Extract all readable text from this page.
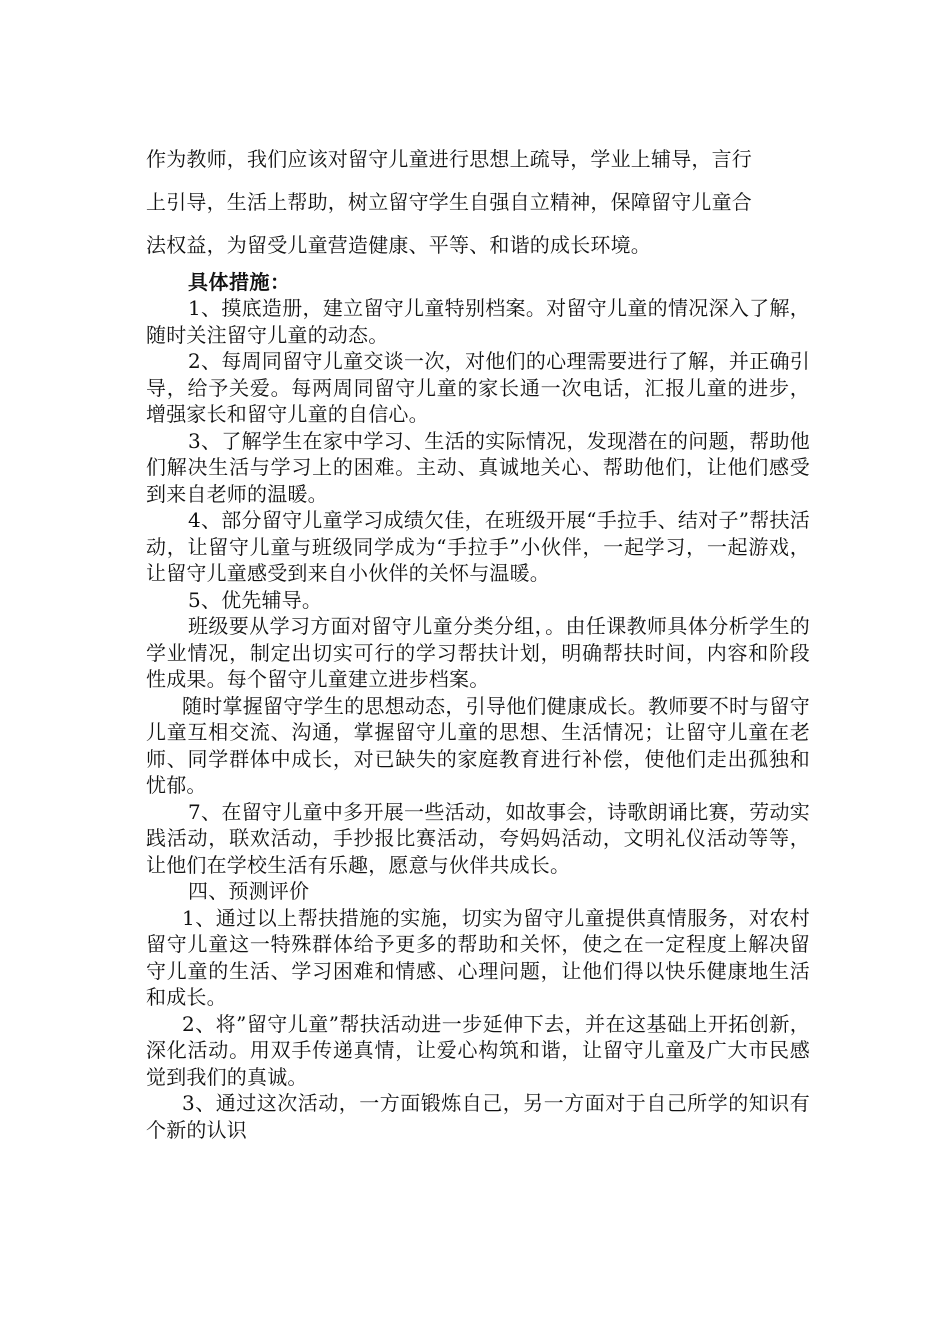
作为教师，我们应该对留守儿童进行思想上疏导，学业上辅导，言行

上引导，生活上帮助，树立留守学生自强自立精神，保障留守儿童合

法权益，为留受儿童营造健康、平等、和谐的成长环境。

具体措施：

1、摸底造册，建立留守儿童特别档案。对留守儿童的情况深入了解，随时关注留守儿童的动态。

2、每周同留守儿童交谈一次，对他们的心理需要进行了解，并正确引导，给予关爱。每两周同留守儿童的家长通一次电话，汇报儿童的进步，增强家长和留守儿童的自信心。

3、了解学生在家中学习、生活的实际情况，发现潜在的问题，帮助他们解决生活与学习上的困难。主动、真诚地关心、帮助他们，让他们感受到来自老师的温暖。

4、部分留守儿童学习成绩欠佳，在班级开展“手拉手、结对子”帮扶活动，让留守儿童与班级同学成为“手拉手”小伙伴，一起学习，一起游戏，让留守儿童感受到来自小伙伴的关怀与温暖。

5、优先辅导。

班级要从学习方面对留守儿童分类分组，。由任课教师具体分析学生的学业情况，制定出切实可行的学习帮扶计划，明确帮扶时间，内容和阶段性成果。每个留守儿童建立进步档案。

随时掌握留守学生的思想动态，引导他们健康成长。教师要不时与留守儿童互相交流、沟通，掌握留守儿童的思想、生活情况；让留守儿童在老师、同学群体中成长，对已缺失的家庭教育进行补偿，使他们走出孤独和忧郁。

7、在留守儿童中多开展一些活动，如故事会，诗歌朗诵比赛，劳动实践活动，联欢活动，手抄报比赛活动，夸妈妈活动，文明礼仪活动等等，让他们在学校生活有乐趣，愿意与伙伴共成长。

四、预测评价

1、通过以上帮扶措施的实施，切实为留守儿童提供真情服务，对农村留守儿童这一特殊群体给予更多的帮助和关怀，使之在一定程度上解决留守儿童的生活、学习困难和情感、心理问题，让他们得以快乐健康地生活和成长。

2、将”留守儿童”帮扶活动进一步延伸下去，并在这基础上开拓创新，深化活动。用双手传递真情，让爱心构筑和谐，让留守儿童及广大市民感觉到我们的真诚。

3、通过这次活动，一方面锻炼自己，另一方面对于自己所学的知识有个新的认识
